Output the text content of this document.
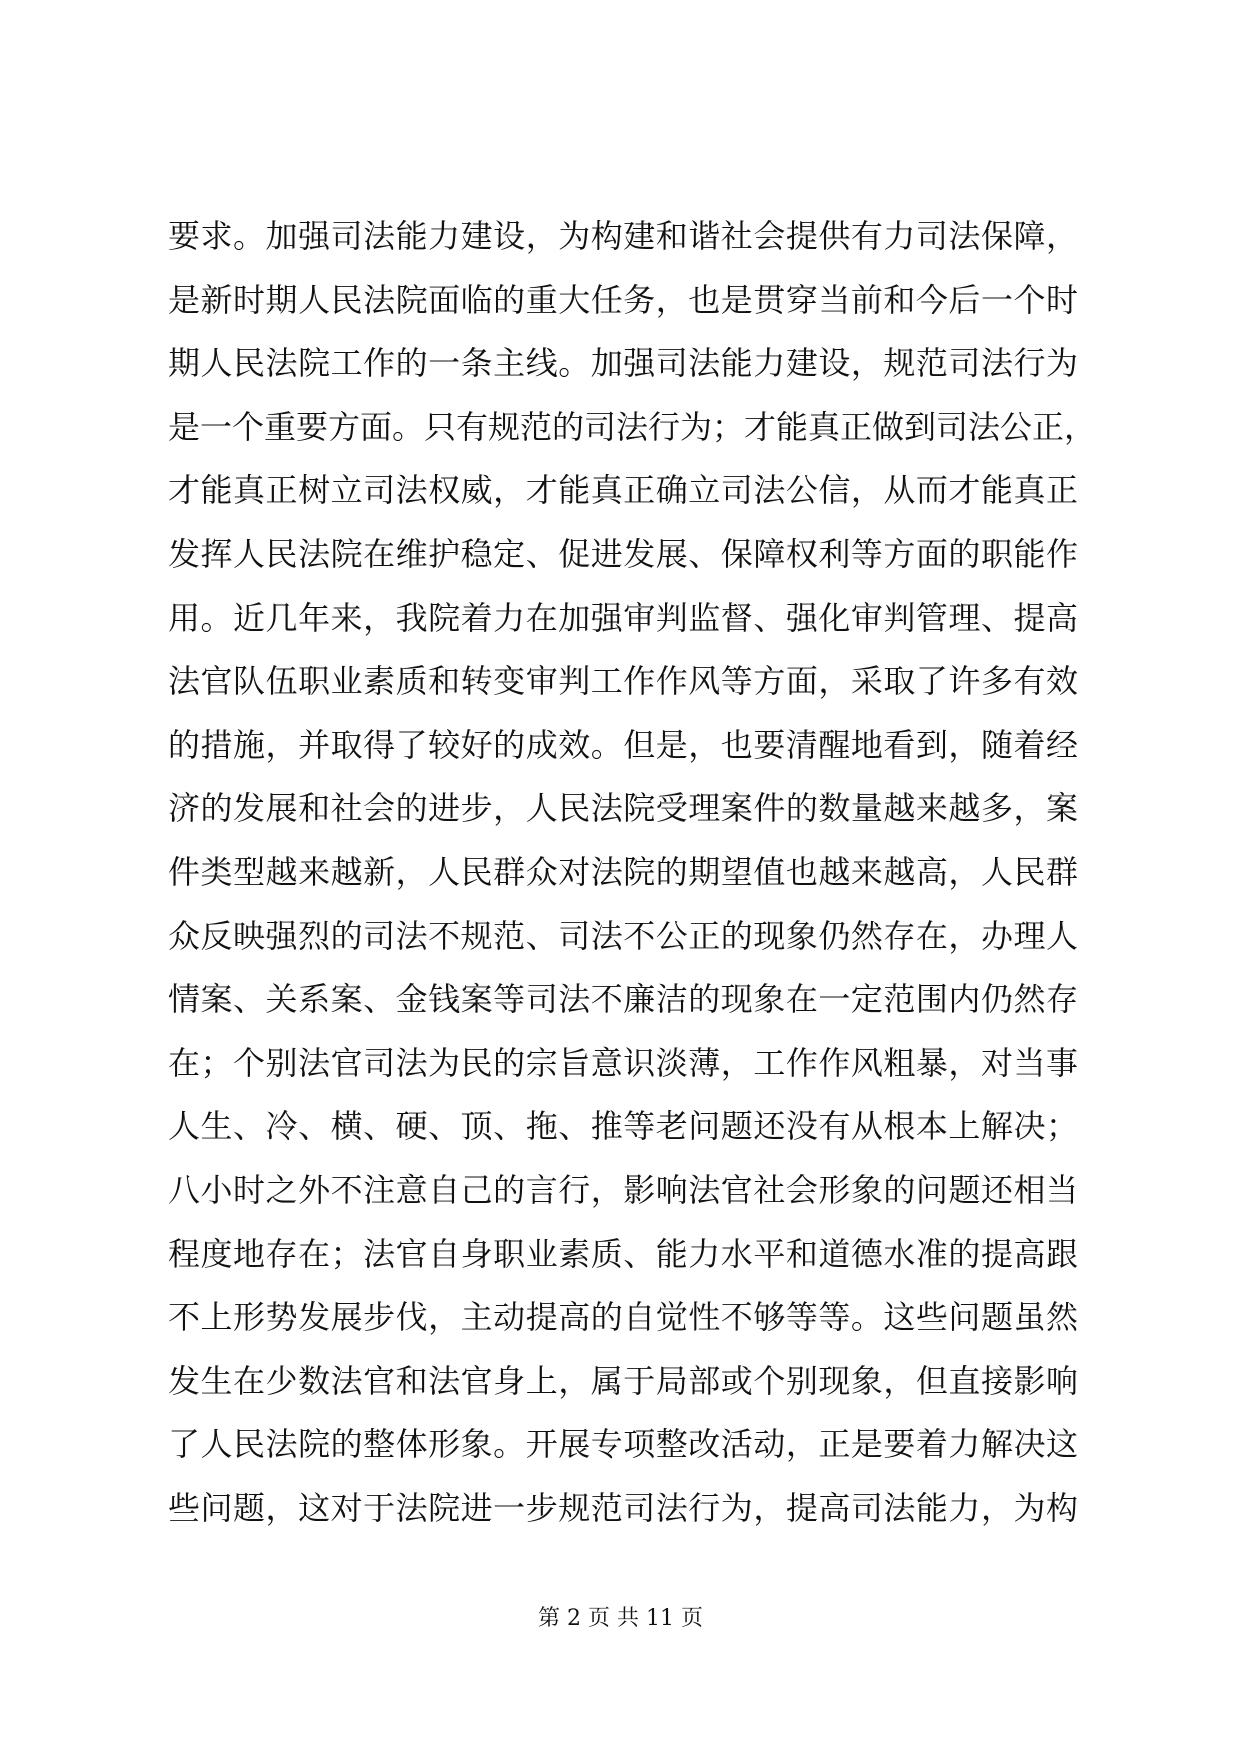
要求。加强司法能力建设，为构建和谐社会提供有力司法保障，
是新时期人民法院面临的重大任务，也是贯穿当前和今后一个时
期人民法院工作的一条主线。加强司法能力建设，规范司法行为
是一个重要方面。只有规范的司法行为；才能真正做到司法公正，
才能真正树立司法权威，才能真正确立司法公信，从而才能真正
发挥人民法院在维护稳定、促进发展、保障权利等方面的职能作
用。近几年来，我院着力在加强审判监督、强化审判管理、提高
法官队伍职业素质和转变审判工作作风等方面，采取了许多有效
的措施，并取得了较好的成效。但是，也要清醒地看到，随着经
济的发展和社会的进步，人民法院受理案件的数量越来越多，案
件类型越来越新，人民群众对法院的期望值也越来越高，人民群
众反映强烈的司法不规范、司法不公正的现象仍然存在，办理人
情案、关系案、金钱案等司法不廉洁的现象在一定范围内仍然存
在；个别法官司法为民的宗旨意识淡薄，工作作风粗暴，对当事
人生、冷、横、硬、顶、拖、推等老问题还没有从根本上解决；
八小时之外不注意自己的言行，影响法官社会形象的问题还相当
程度地存在；法官自身职业素质、能力水平和道德水准的提高跟
不上形势发展步伐，主动提高的自觉性不够等等。这些问题虽然
发生在少数法官和法官身上，属于局部或个别现象，但直接影响
了人民法院的整体形象。开展专项整改活动，正是要着力解决这
些问题，这对于法院进一步规范司法行为，提高司法能力，为构
第 2 页 共 11 页
